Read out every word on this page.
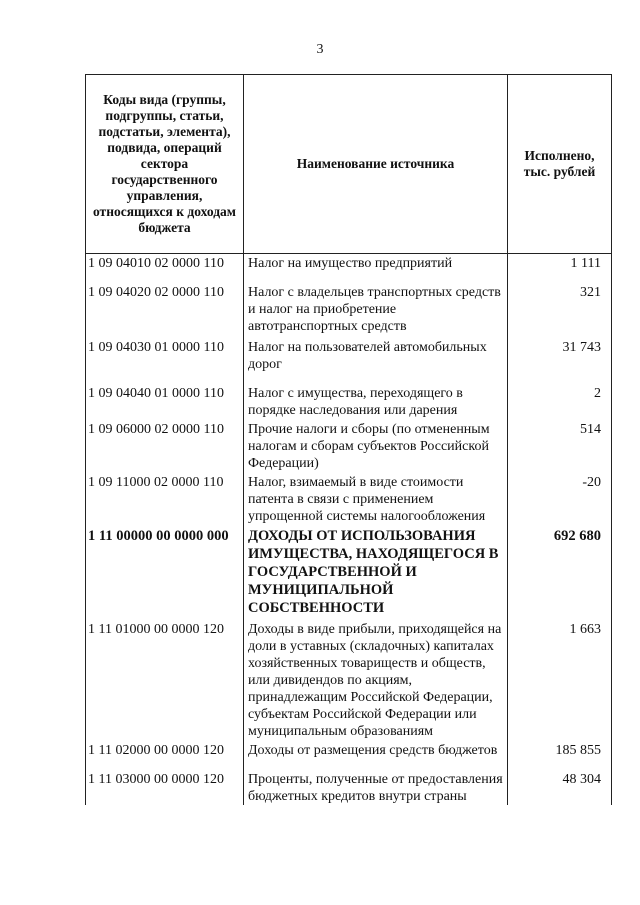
3
Коды вида (группы, подгруппы, статьи, подстатьи, элемента), подвида, операций сектора государственного управления, относящихся к доходам бюджета	Наименование источника	Исполнено, тыс. рублей
1 09 04010 02 0000 110	Налог на имущество предприятий	1 111
1 09 04020 02 0000 110	Налог с владельцев транспортных средств и налог на приобретение автотранспортных средств	321
1 09 04030 01 0000 110	Налог на пользователей автомобильных дорог	31 743
1 09 04040 01 0000 110	Налог с имущества, переходящего в порядке наследования или дарения	2
1 09 06000 02 0000 110	Прочие налоги и сборы (по отмененным налогам и сборам субъектов Российской Федерации)	514
1 09 11000 02 0000 110	Налог, взимаемый в виде стоимости патента в связи с применением упрощенной системы налогообложения	-20
1 11 00000 00 0000 000	ДОХОДЫ ОТ ИСПОЛЬЗОВАНИЯ ИМУЩЕСТВА, НАХОДЯЩЕГОСЯ В ГОСУДАРСТВЕННОЙ И МУНИЦИПАЛЬНОЙ СОБСТВЕННОСТИ	692 680
1 11 01000 00 0000 120	Доходы в виде прибыли, приходящейся на доли в уставных (складочных) капиталах хозяйственных товариществ и обществ, или дивидендов по акциям, принадлежащим Российской Федерации, субъектам Российской Федерации или муниципальным образованиям	1 663
1 11 02000 00 0000 120	Доходы от размещения средств бюджетов	185 855
1 11 03000 00 0000 120	Проценты, полученные от предоставления бюджетных кредитов внутри страны	48 304
